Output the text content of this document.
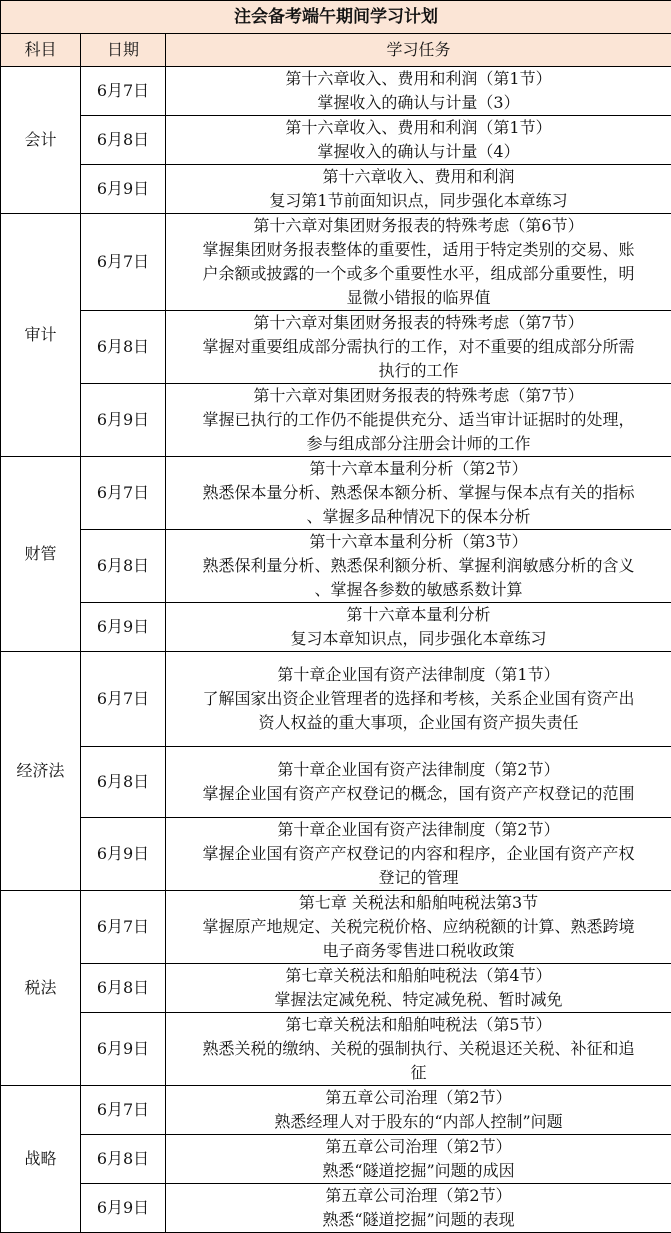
注会备考端午期间学习计划		
科目	日期	学习任务
会计	6月7日	第十六章收入、费用和利润（第1节）
掌握收入的确认与计量（3）

	6月8日	第十六章收入、费用和利润（第1节）
掌握收入的确认与计量（4）

	6月9日	第十六章收入、费用和利润
复习第1节前面知识点，同步强化本章练习

审计	6月7日	第十六章对集团财务报表的特殊考虑（第6节）
掌握集团财务报表整体的重要性，适用于特定类别的交易、账
户余额或披露的一个或多个重要性水平，组成部分重要性，明
显微小错报的临界值

	6月8日	第十六章对集团财务报表的特殊考虑（第7节）
掌握对重要组成部分需执行的工作，对不重要的组成部分所需
执行的工作

	6月9日	第十六章对集团财务报表的特殊考虑（第7节）
掌握已执行的工作仍不能提供充分、适当审计证据时的处理，
参与组成部分注册会计师的工作

财管	6月7日	第十六章本量利分析（第2节）
熟悉保本量分析、熟悉保本额分析、掌握与保本点有关的指标
、掌握多品种情况下的保本分析

	6月8日	第十六章本量利分析（第3节）
熟悉保利量分析、熟悉保利额分析、掌握利润敏感分析的含义
、掌握各参数的敏感系数计算

	6月9日	第十六章本量利分析
复习本章知识点，同步强化本章练习

经济法	6月7日	第十章企业国有资产法律制度（第1节）
了解国家出资企业管理者的选择和考核，关系企业国有资产出
资人权益的重大事项，企业国有资产损失责任

	6月8日	第十章企业国有资产法律制度（第2节）
掌握企业国有资产产权登记的概念，国有资产产权登记的范围

	6月9日	第十章企业国有资产法律制度（第2节）
掌握企业国有资产产权登记的内容和程序，企业国有资产产权
登记的管理

税法	6月7日	第七章 关税法和船舶吨税法第3节
掌握原产地规定、关税完税价格、应纳税额的计算、熟悉跨境
电子商务零售进口税收政策

	6月8日	第七章关税法和船舶吨税法（第4节）
掌握法定减免税、特定减免税、暂时减免

	6月9日	第七章关税法和船舶吨税法（第5节）
熟悉关税的缴纳、关税的强制执行、关税退还关税、补征和追
征

战略	6月7日	第五章公司治理（第2节）
熟悉经理人对于股东的“内部人控制”问题

	6月8日	第五章公司治理（第2节）
熟悉“隧道挖掘”问题的成因

	6月9日	第五章公司治理（第2节）
熟悉“隧道挖掘”问题的表现
